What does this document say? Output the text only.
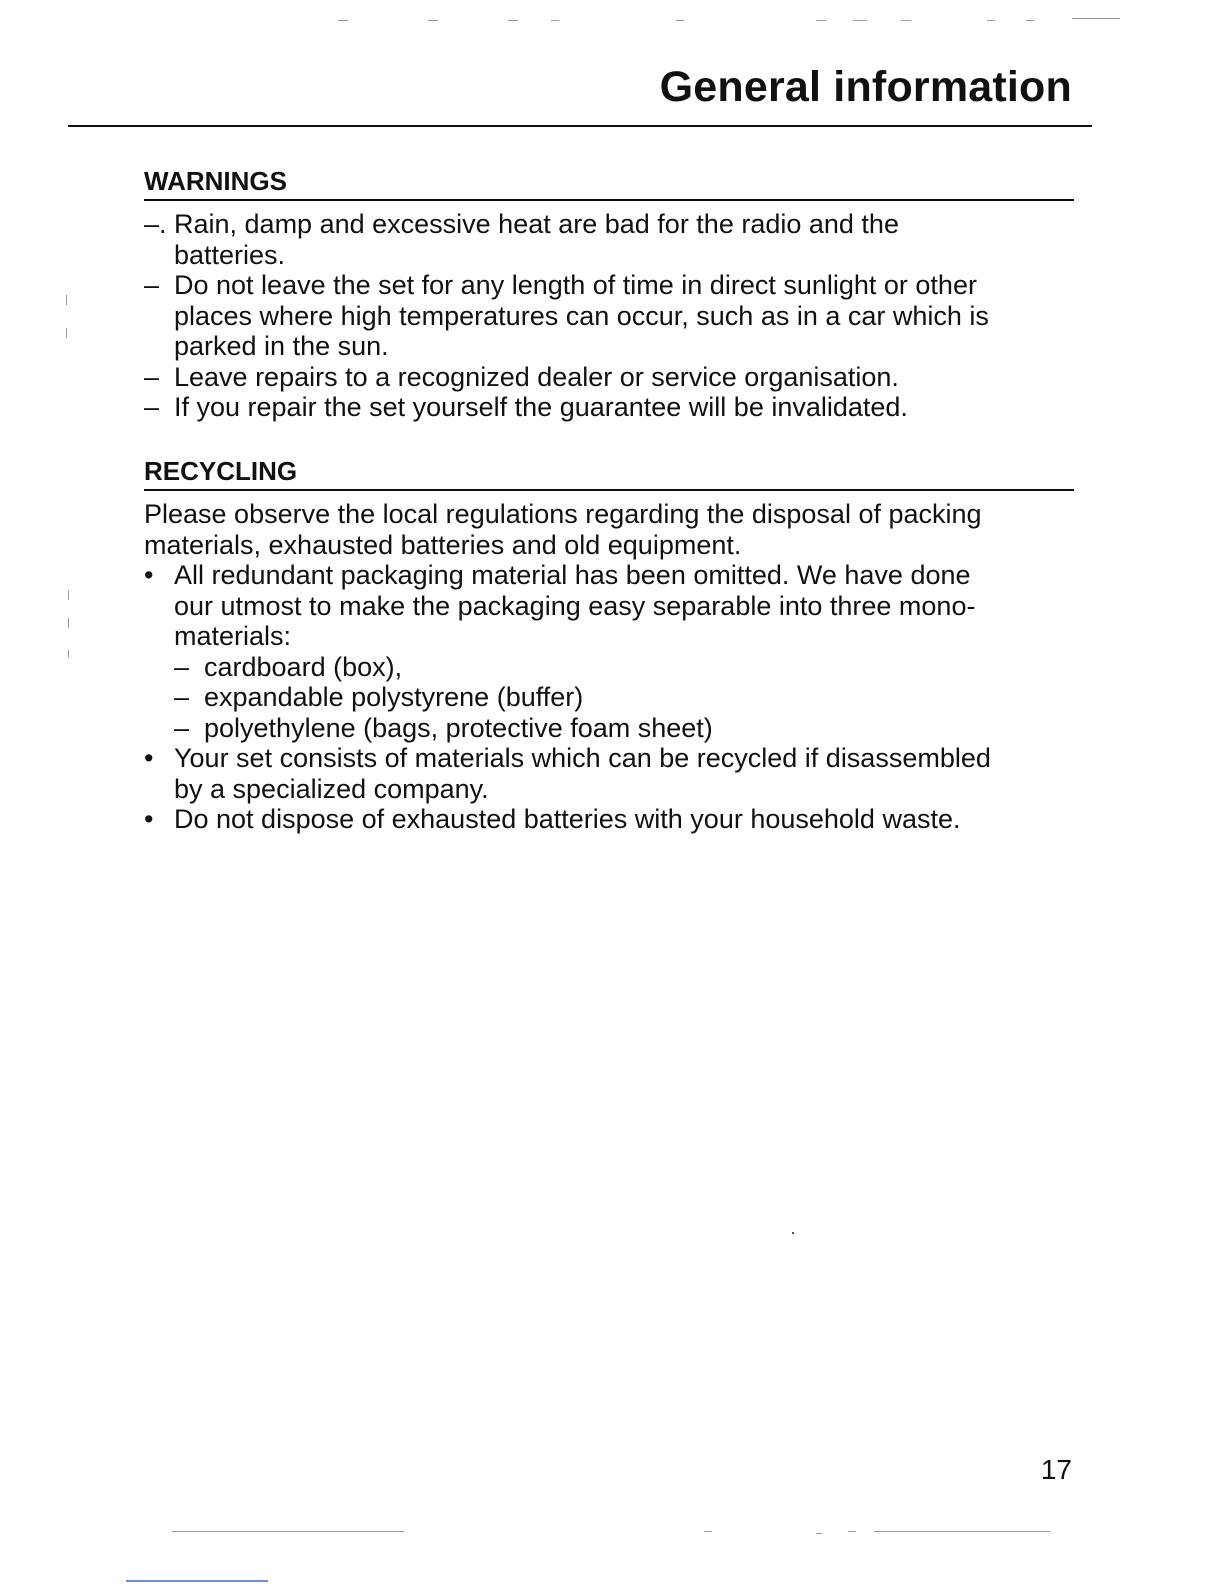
General information
WARNINGS
–. Rain, damp and excessive heat are bad for the radio and the
batteries.
– Do not leave the set for any length of time in direct sunlight or other
places where high temperatures can occur, such as in a car which is
parked in the sun.
– Leave repairs to a recognized dealer or service organisation.
– If you repair the set yourself the guarantee will be invalidated.
RECYCLING

Please observe the local regulations regarding the disposal of packing
materials, exhausted batteries and old equipment.

• All redundant packaging material has been omitted. We have done
our utmost to make the packaging easy separable into three mono-
materials:
– cardboard (box),
– expandable polystyrene (buffer)
– polyethylene (bags, protective foam sheet)
• Your set consists of materials which can be recycled if disassembled
by a specialized company.
• Do not dispose of exhausted batteries with your household waste.
17
